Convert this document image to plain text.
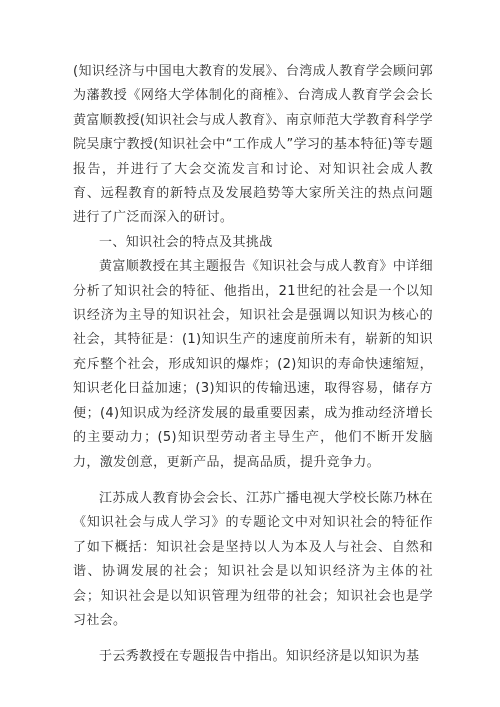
(知识经济与中国电大教育的发展》、台湾成人教育学会顾问郭为藩教授《网络大学体制化的商榷》、台湾成人教育学会会长黄富顺教授(知识社会与成人教育》、南京师范大学教育科学学院吴康宁教授(知识社会中“工作成人”学习的基本特征)等专题报告，并进行了大会交流发言和讨论、对知识社会成人教育、远程教育的新特点及发展趋势等大家所关注的热点问题进行了广泛而深入的研讨。

一、知识社会的特点及其挑战

黄富顺教授在其主题报告《知识社会与成人教育》中详细分析了知识社会的特征、他指出，21世纪的社会是一个以知识经济为主导的知识社会，知识社会是强调以知识为核心的社会，其特征是：(1)知识生产的速度前所未有，崭新的知识充斥整个社会，形成知识的爆炸；(2)知识的寿命快速缩短，知识老化日益加速；(3)知识的传输迅速，取得容易，储存方便；(4)知识成为经济发展的最重要因素，成为推动经济增长的主要动力；(5)知识型劳动者主导生产，他们不断开发脑力，激发创意，更新产品，提高品质，提升竞争力。

江苏成人教育协会会长、江苏广播电视大学校长陈乃林在《知识社会与成人学习》的专题论文中对知识社会的特征作了如下概括：知识社会是坚持以人为本及人与社会、自然和谐、协调发展的社会；知识社会是以知识经济为主体的社会；知识社会是以知识管理为纽带的社会；知识社会也是学习社会。

于云秀教授在专题报告中指出。知识经济是以知识为基
